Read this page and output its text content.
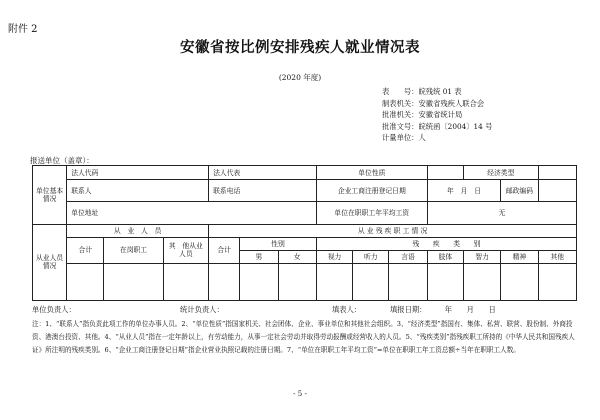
附件 2
安徽省按比例安排残疾人就业情况表
(2020 年度)
表　　号：皖残统 01 表
制表机关：安徽省残疾人联合会
批准机关：安徽省统计局
批准文号：皖统函〔2004〕14 号
计量单位：人
报送单位（盖章）：
单位基本情况	法人代码			法人代表			单位性质				经济类型		
	联系人			联系电话			企业工商注册登记日期			年　月　日		邮政编码	
	单位地址						单位在职职工年平均工资			无			

从业人员情况	从　业　人　员			从 业 残 疾 职 工 情 况									
	合计	在岗职工	其　他从业人员	合计	性别		残　　疾　　类　　别						
					男	女	视力	听力	言语	肢体	智力	精神	其他

单位负责人：	统计负责人：	填表人：	填报日期：　　　年　　月　　日
注：1、“联系人”指负责此项工作的单位办事人员。2、“单位性质”指国家机关、社会团体、企业、事业单位和其他社会组织。3、“经济类型”指国有、集体、私营、联营、股份制、外商投资、港澳台投资、其他。4、“从业人员”指在一定年龄以上，有劳动能力，从事一定社会劳动并取得劳动报酬或经营收入的人员。5、“残疾类别”指残疾职工所持的《中华人民共和国残疾人证》所注明的残疾类别。6、“企业工商注册登记日期”指企业营业执照记载的注册日期。7、“单位在职职工年平均工资”=单位在职职工年工资总额÷当年在职职工人数。
- 5 -
